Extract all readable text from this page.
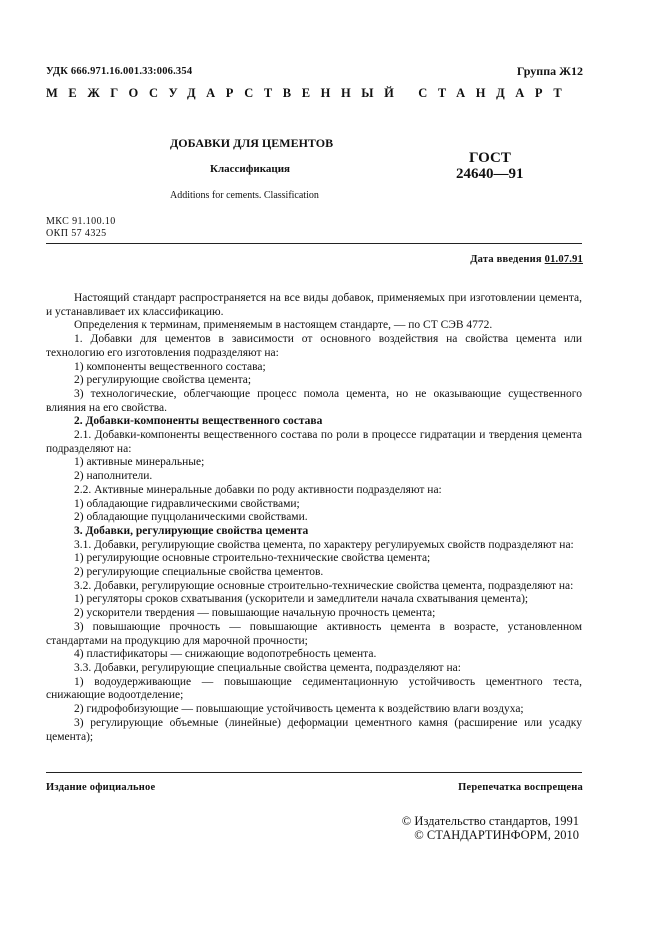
УДК 666.971.16.001.33:006.354	Группа Ж12
МЕЖГОСУДАРСТВЕННЫЙ СТАНДАРТ
ДОБАВКИ ДЛЯ ЦЕМЕНТОВ
Классификация
Additions for cements. Classification
ГОСТ
24640—91
МКС 91.100.10
ОКП 57 4325
Дата введения 01.07.91

Настоящий стандарт распространяется на все виды добавок, применяемых при изготовлении цемента, и устанавливает их классификацию.

Определения к терминам, применяемым в настоящем стандарте, — по СТ СЭВ 4772.

1. Добавки для цементов в зависимости от основного воздействия на свойства цемента или технологию его изготовления подразделяют на:

1) компоненты вещественного состава;

2) регулирующие свойства цемента;

3) технологические, облегчающие процесс помола цемента, но не оказывающие существенного влияния на его свойства.

2. Добавки-компоненты вещественного состава

2.1. Добавки-компоненты вещественного состава по роли в процессе гидратации и твердения цемента подразделяют на:

1) активные минеральные;

2) наполнители.

2.2. Активные минеральные добавки по роду активности подразделяют на:

1) обладающие гидравлическими свойствами;

2) обладающие пуццоланическими свойствами.

3. Добавки, регулирующие свойства цемента

3.1. Добавки, регулирующие свойства цемента, по характеру регулируемых свойств подразделяют на:

1) регулирующие основные строительно-технические свойства цемента;

2) регулирующие специальные свойства цементов.

3.2. Добавки, регулирующие основные строительно-технические свойства цемента, подразделяют на:

1) регуляторы сроков схватывания (ускорители и замедлители начала схватывания цемента);

2) ускорители твердения — повышающие начальную прочность цемента;

3) повышающие прочность — повышающие активность цемента в возрасте, установленном стандартами на продукцию для марочной прочности;

4) пластификаторы — снижающие водопотребность цемента.

3.3. Добавки, регулирующие специальные свойства цемента, подразделяют на:

1) водоудерживающие — повышающие седиментационную устойчивость цементного теста, снижающие водоотделение;

2) гидрофобизующие — повышающие устойчивость цемента к воздействию влаги воздуха;

3) регулирующие объемные (линейные) деформации цементного камня (расширение или усадку цемента);

Издание официальное	Перепечатка воспрещена
© Издательство стандартов, 1991
© СТАНДАРТИНФОРМ, 2010
